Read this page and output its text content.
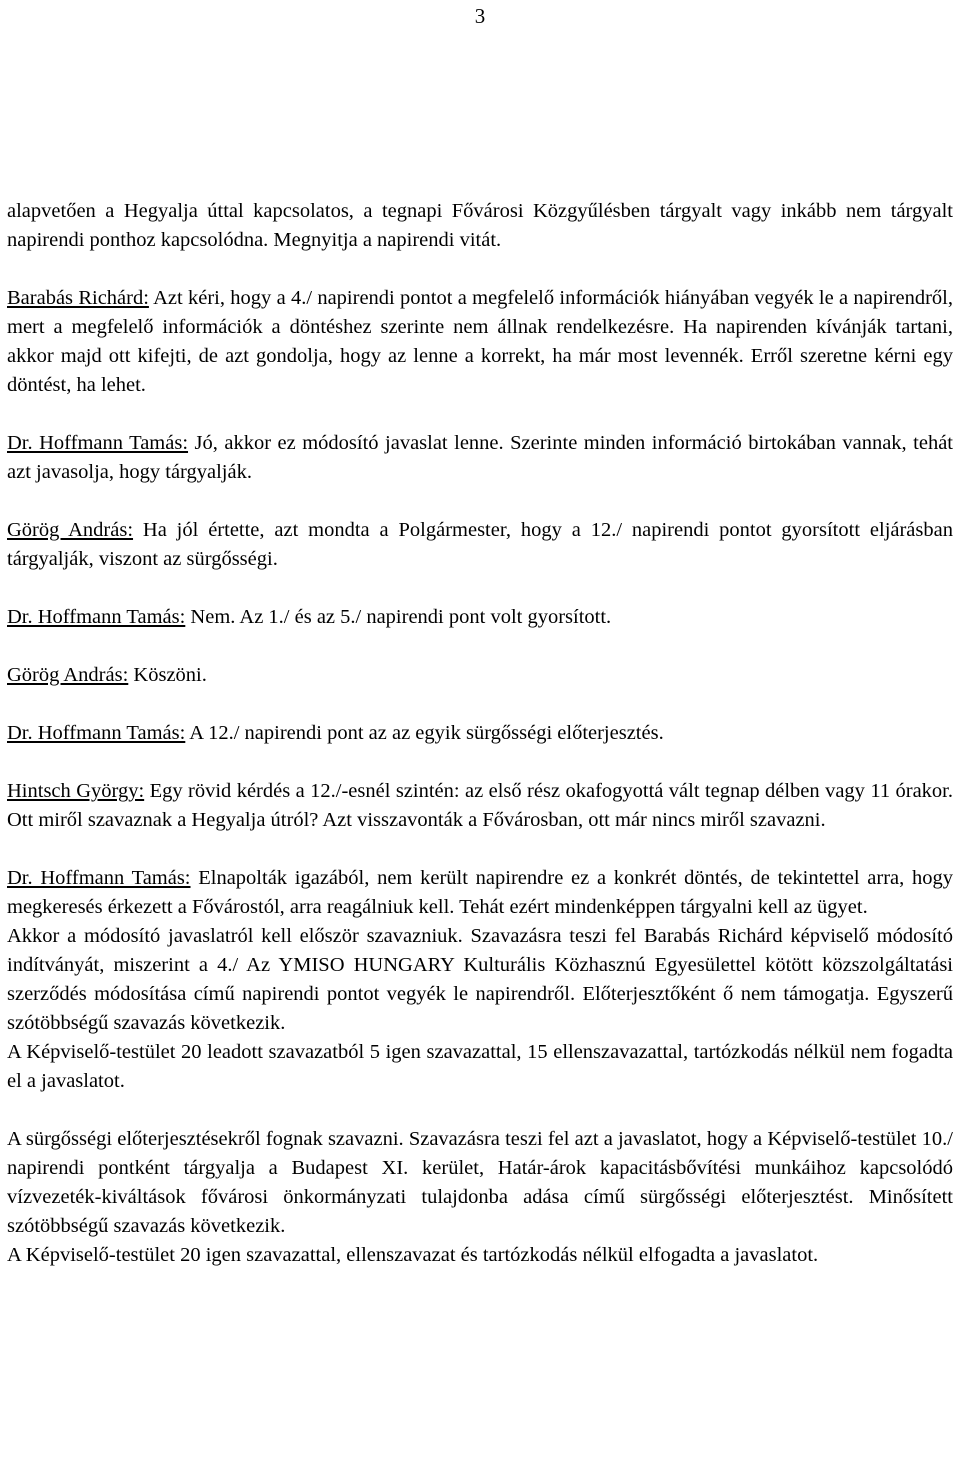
3

alapvetően a Hegyalja úttal kapcsolatos, a tegnapi Fővárosi Közgyűlésben tárgyalt vagy inkább nem tárgyalt napirendi ponthoz kapcsolódna. Megnyitja a napirendi vitát.

Barabás Richárd: Azt kéri, hogy a 4./ napirendi pontot a megfelelő információk hiányában vegyék le a napirendről, mert a megfelelő információk a döntéshez szerinte nem állnak rendelkezésre. Ha napirenden kívánják tartani, akkor majd ott kifejti, de azt gondolja, hogy az lenne a korrekt, ha már most levennék. Erről szeretne kérni egy döntést, ha lehet.

Dr. Hoffmann Tamás: Jó, akkor ez módosító javaslat lenne. Szerinte minden információ birtokában vannak, tehát azt javasolja, hogy tárgyalják.

Görög András: Ha jól értette, azt mondta a Polgármester, hogy a 12./ napirendi pontot gyorsított eljárásban tárgyalják, viszont az sürgősségi.

Dr. Hoffmann Tamás: Nem. Az 1./ és az 5./ napirendi pont volt gyorsított.

Görög András: Köszöni.

Dr. Hoffmann Tamás: A 12./ napirendi pont az az egyik sürgősségi előterjesztés.

Hintsch György: Egy rövid kérdés a 12./-esnél szintén: az első rész okafogyottá vált tegnap délben vagy 11 órakor. Ott miről szavaznak a Hegyalja útról? Azt visszavonták a Fővárosban, ott már nincs miről szavazni.

Dr. Hoffmann Tamás: Elnapolták igazából, nem került napirendre ez a konkrét döntés, de tekintettel arra, hogy megkeresés érkezett a Fővárostól, arra reagálniuk kell. Tehát ezért mindenképpen tárgyalni kell az ügyet.

Akkor a módosító javaslatról kell először szavazniuk. Szavazásra teszi fel Barabás Richárd képviselő módosító indítványát, miszerint a 4./ Az YMISO HUNGARY Kulturális Közhasznú Egyesülettel kötött közszolgáltatási szerződés módosítása című napirendi pontot vegyék le napirendről. Előterjesztőként ő nem támogatja. Egyszerű szótöbbségű szavazás következik.

A Képviselő-testület 20 leadott szavazatból 5 igen szavazattal, 15 ellenszavazattal, tartózkodás nélkül nem fogadta el a javaslatot.

A sürgősségi előterjesztésekről fognak szavazni. Szavazásra teszi fel azt a javaslatot, hogy a Képviselő-testület 10./ napirendi pontként tárgyalja a Budapest XI. kerület, Határ-árok kapacitásbővítési munkáihoz kapcsolódó vízvezeték-kiváltások fővárosi önkormányzati tulajdonba adása című sürgősségi előterjesztést. Minősített szótöbbségű szavazás következik.

A Képviselő-testület 20 igen szavazattal, ellenszavazat és tartózkodás nélkül elfogadta a javaslatot.
